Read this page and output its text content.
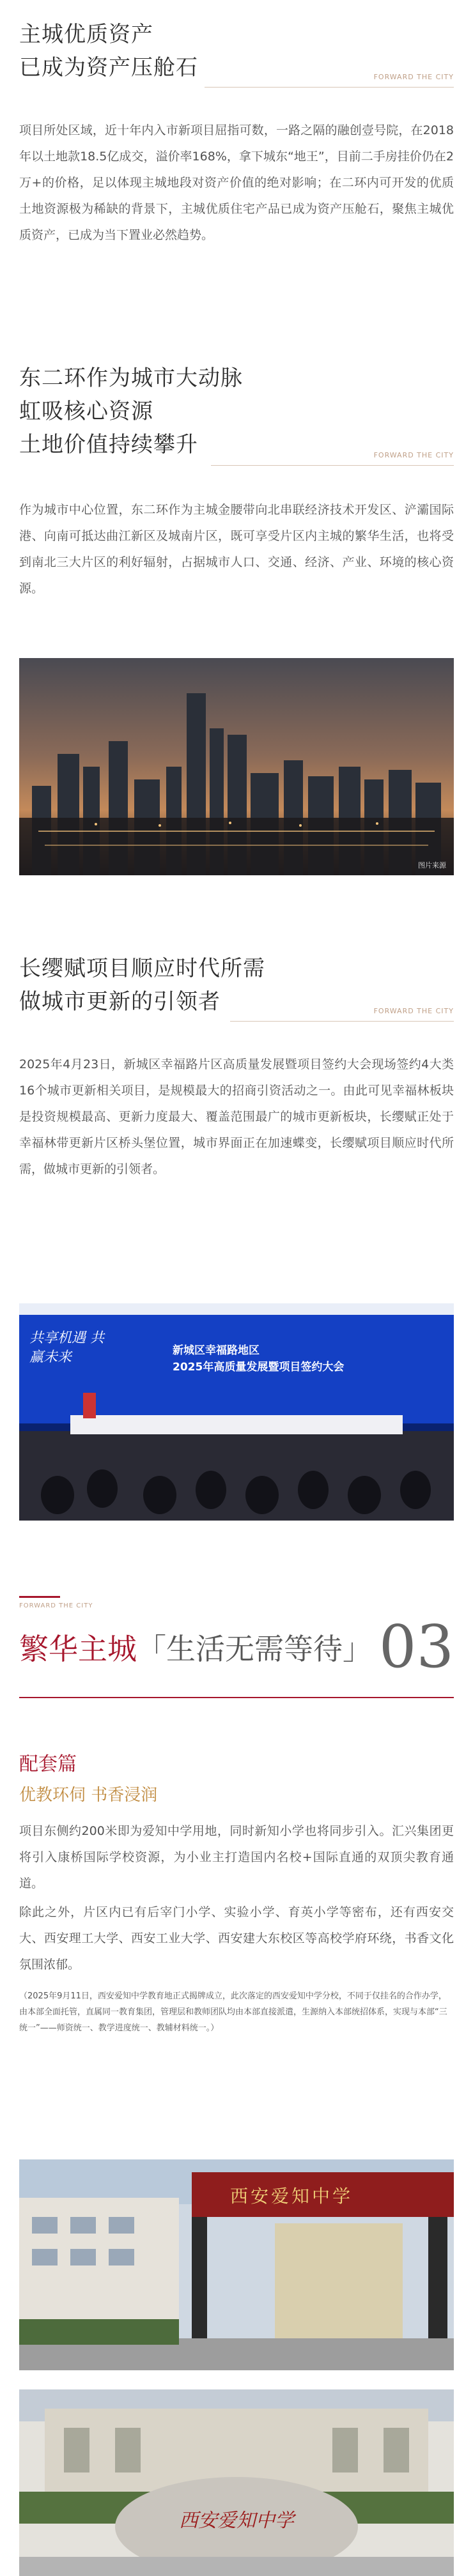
主城优质资产
已成为资产压舱石	FORWARD THE CITY

项目所处区域，近十年内入市新项目屈指可数，一路之隔的融创壹号院，在2018年以土地款18.5亿成交，溢价率168%，拿下城东“地王”，目前二手房挂价仍在2万+的价格，足以体现主城地段对资产价值的绝对影响；在二环内可开发的优质土地资源极为稀缺的背景下，主城优质住宅产品已成为资产压舱石，聚焦主城优质资产，已成为当下置业必然趋势。

东二环作为城市大动脉
虹吸核心资源
土地价值持续攀升	FORWARD THE CITY

作为城市中心位置，东二环作为主城金腰带向北串联经济技术开发区、浐灞国际港、向南可抵达曲江新区及城南片区，既可享受片区内主城的繁华生活，也将受到南北三大片区的利好辐射，占据城市人口、交通、经济、产业、环境的核心资源。

图片来源
长缨赋项目顺应时代所需
做城市更新的引领者	FORWARD THE CITY

2025年4月23日，新城区幸福路片区高质量发展暨项目签约大会现场签约4大类16个城市更新相关项目，是规模最大的招商引资活动之一。由此可见幸福林板块是投资规模最高、更新力度最大、覆盖范围最广的城市更新板块，长缨赋正处于幸福林带更新片区桥头堡位置，城市界面正在加速蝶变，长缨赋项目顺应时代所需，做城市更新的引领者。

共享机遇 共赢未来	新城区幸福路地区
2025年高质量发展暨项目签约大会
FORWARD THE CITY
繁华主城「生活无需等待」 03
配套篇
优教环伺 书香浸润

项目东侧约200米即为爱知中学用地，同时新知小学也将同步引入。汇兴集团更将引入康桥国际学校资源，为小业主打造国内名校+国际直通的双顶尖教育通道。

除此之外，片区内已有后宰门小学、实验小学、育英小学等密布，还有西安交大、西安理工大学、西安工业大学、西安建大东校区等高校学府环绕，书香文化氛围浓郁。

（2025年9月11日，西安爱知中学教育地正式揭牌成立，此次落定的西安爱知中学分校，不同于仅挂名的合作办学，由本部全面托管，直属同一教育集团，管理层和教师团队均由本部直接派遣，生源纳入本部统招体系，实现与本部“三统一”——师资统一、教学进度统一、教辅材料统一。）

西安爱知中学
西安爱知中学
